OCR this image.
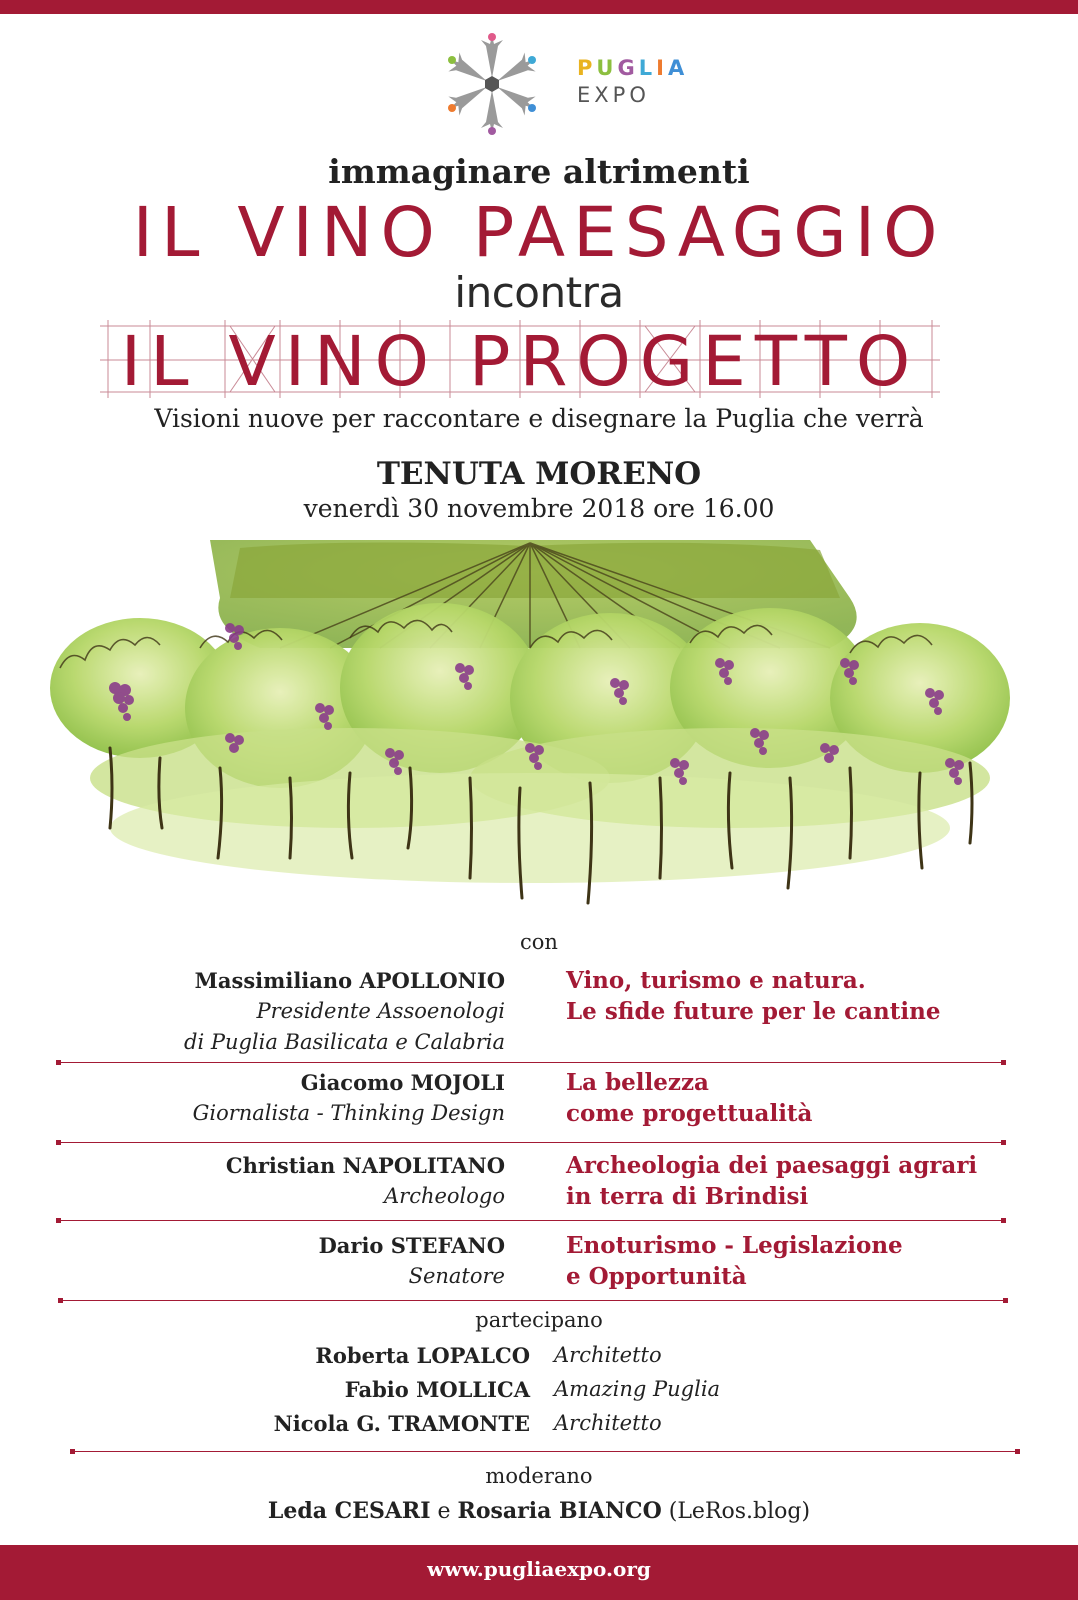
PUGLIA
EXPO
immaginare altrimenti
IL VINO PAESAGGIO
incontra
IL VINO PROGETTO
Visioni nuove per raccontare e disegnare la Puglia che verrà
TENUTA MORENO
venerdì 30 novembre 2018 ore 16.00
con
Massimiliano APOLLONIO
Presidente Assoenologi
di Puglia Basilicata e Calabria
Vino, turismo e natura.
Le sfide future per le cantine
Giacomo MOJOLI
Giornalista - Thinking Design
La bellezza
come progettualità
Christian NAPOLITANO
Archeologo
Archeologia dei paesaggi agrari
in terra di Brindisi
Dario STEFANO
Senatore
Enoturismo - Legislazione
e Opportunità
partecipano
Roberta LOPALCO Architetto
Fabio MOLLICA Amazing Puglia
Nicola G. TRAMONTE Architetto
moderano
Leda CESARI e Rosaria BIANCO (LeRos.blog)
www.pugliaexpo.org
